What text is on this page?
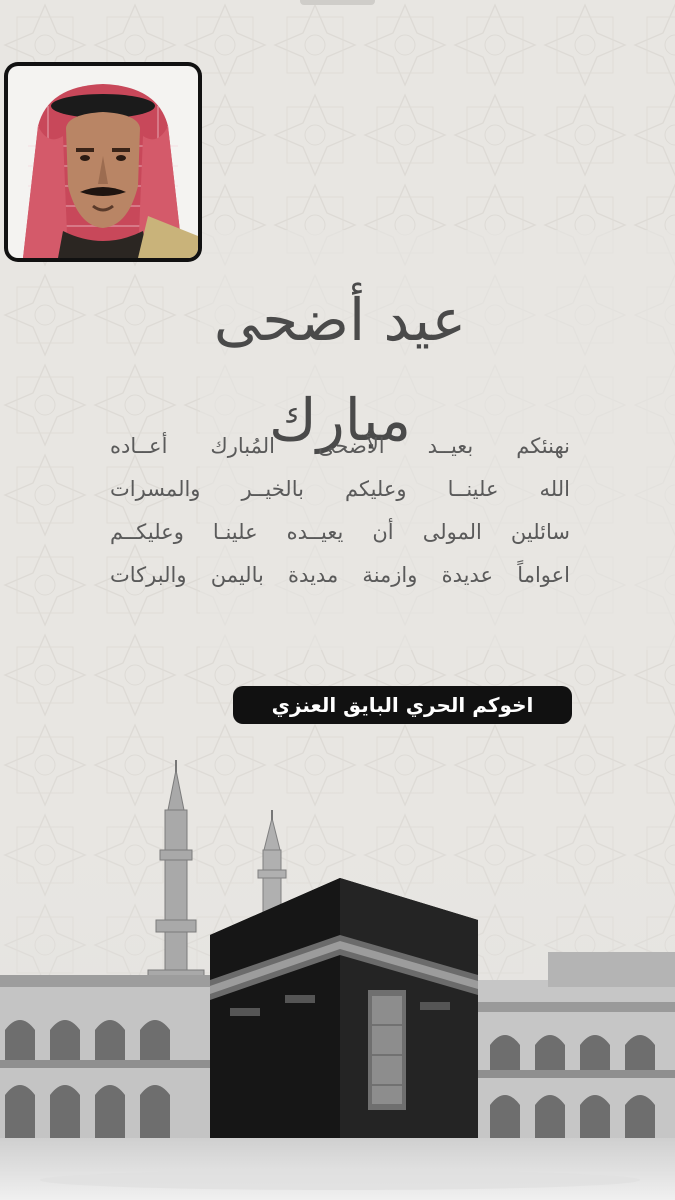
عيد أضحى مبارك
نهنئكم بعيــد الأضحى المُبارك أعــاده
الله علينــا وعليكم بالخيــر والمسرات
سائلين المولى أن يعيــده علينـا وعليكــم
اعواماً عديدة وازمنة مديدة باليمن والبركات
اخوكم الحري البايق العنزي
